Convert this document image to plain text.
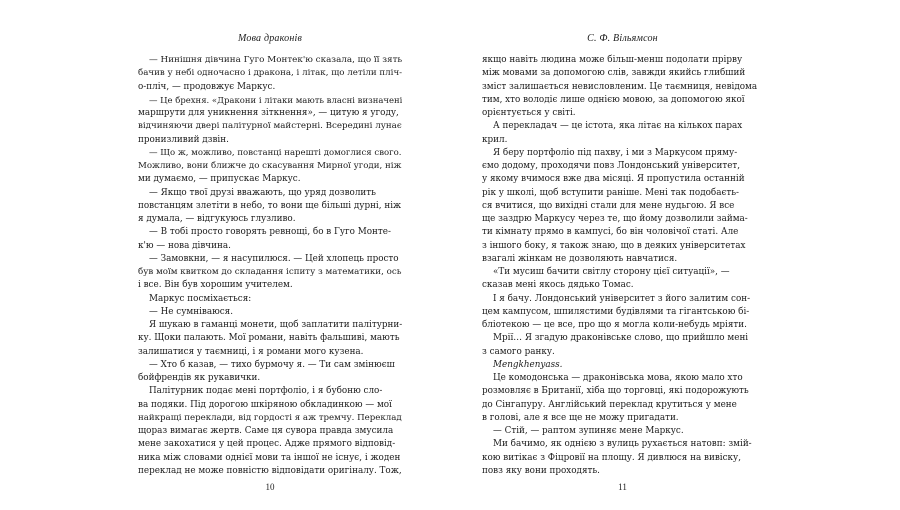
Мова драконів

— Нинішня дівчина Гуго Монтек'ю сказала, що її зять

бачив у небі одночасно і дракона, і літак, що летіли пліч-

о-пліч, — продовжує Маркус.

— Це брехня. «Дракони і літаки мають власні визначені

маршрути для уникнення зіткнення», — цитую я угоду,

відчиняючи двері палітурної майстерні. Всередині лунає

пронизливий дзвін.

— Що ж, можливо, повстанці нарешті домоглися свого.

Можливо, вони ближче до скасування Мирної угоди, ніж

ми думаємо, — припускає Маркус.

— Якщо твої друзі вважають, що уряд дозволить

повстанцям злетіти в небо, то вони ще більші дурні, ніж

я думала, — відгукуюсь глузливо.

— В тобі просто говорять ревнощі, бо в Гуго Монте-

к'ю — нова дівчина.

— Замовкни, — я насупилюся. — Цей хлопець просто

був моїм квитком до складання іспиту з математики, ось

і все. Він був хорошим учителем.

Маркус посміхається:

— Не сумніваюся.

Я шукаю в гаманці монети, щоб заплатити палітурни-

ку. Щоки палають. Мої романи, навіть фальшиві, мають

залишатися у таємниці, і я романи мого кузена.

— Хто б казав, — тихо бурмочу я. — Ти сам змінюєш

бойфрендів як рукавички.

Палітурник подає мені портфоліо, і я бубоню сло-

ва подяки. Під дорогою шкіряною обкладинкою — мої

найкращі переклади, від гордості я аж тремчу. Переклад

щораз вимагає жертв. Саме ця сувора правда змусила

мене закохатися у цей процес. Адже прямого відповід-

ника між словами однієї мови та іншої не існує, і жоден

переклад не може повністю відповідати оригіналу. Тож,

10
С. Ф. Вільямсон

якщо навіть людина може більш-менш подолати прірву

між мовами за допомогою слів, завжди якийсь глибший

зміст залишається невисловленим. Це таємниця, невідома

тим, хто володіє лише однією мовою, за допомогою якої

орієнтується у світі.

А перекладач — це істота, яка літає на кількох парах

крил.

Я беру портфоліо під пахву, і ми з Маркусом пряму-

ємо додому, проходячи повз Лондонський університет,

у якому вчимося вже два місяці. Я пропустила останній

рік у школі, щоб вступити раніше. Мені так подобаєть-

ся вчитися, що вихідні стали для мене нудьгою. Я все

ще заздрю Маркусу через те, що йому дозволили займа-

ти кімнату прямо в кампусі, бо він чоловічої статі. Але

з іншого боку, я також знаю, що в деяких університетах

взагалі жінкам не дозволяють навчатися.

«Ти мусиш бачити світлу сторону цієї ситуації», —

сказав мені якось дядько Томас.

І я бачу. Лондонський університет з його залитим сон-

цем кампусом, шпилястими будівлями та гігантською бі-

бліотекою — це все, про що я могла коли-небудь мріяти.

Мрії… Я згадую драконівське слово, що прийшло мені

з самого ранку.

Mengkhenyass.

Це комодонська — драконівська мова, якою мало хто

розмовляє в Британії, хіба що торговці, які подорожують

до Сінгапуру. Англійський переклад крутиться у мене

в голові, але я все ще не можу пригадати.

— Стій, — раптом зупиняє мене Маркус.

Ми бачимо, як однією з вулиць рухається натовп: змій-

кою витікає з Фіцровії на площу. Я дивлюся на вивіску,

повз яку вони проходять.

11
